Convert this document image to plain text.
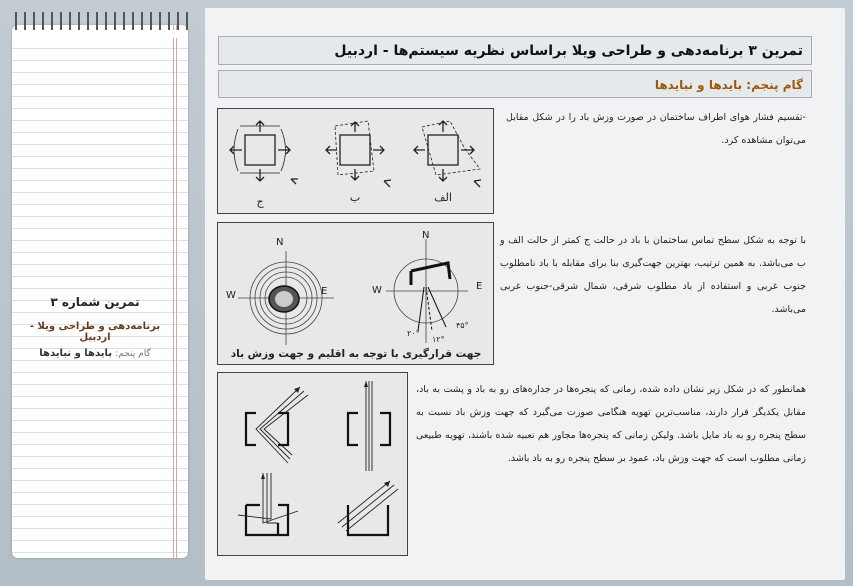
تمرین شماره ۳
برنامه‌دهی و طراحی ویلا - اردبیل
گام پنجم: بایدها و نبایدها
تمرین ۳ برنامه‌دهی و طراحی ویلا براساس نظریه سیستم‌ها - اردبیل
گام پنجم: بایدها و نبایدها
-تقسیم فشار هوای اطراف ساختمان در صورت وزش باد را در شکل مقابل می‌توان مشاهده کرد.
با توجه به شکل سطح تماس ساختمان با باد در حالت ج کمتر از حالت الف و ب می‌باشد. به همین ترتیب، بهترین جهت‌گیری بنا برای مقابله با باد نامطلوب جنوب غربی و استفاده از باد مطلوب شرقی، شمال شرقی-جنوب غربی می‌باشد.
همانطور که در شکل زیر نشان داده شده، زمانی که پنجره‌ها در جداره‌های رو به باد و پشت به باد، مقابل یکدیگر قرار دارند، مناسب‌ترین تهویه هنگامی صورت می‌گیرد که جهت وزش باد نسبت به سطح پنجره رو به باد مایل باشد. ولیکن زمانی که پنجره‌ها مجاور هم تعبیه شده باشند، تهویه طبیعی زمانی مطلوب است که جهت وزش باد، عمود بر سطح پنجره رو به باد باشد.
ج	ب	الف
N
W	E
N
W	E
۲۰°
۱۲°
۴۵°
جهت قرارگیری با توجه به اقلیم و جهت وزش باد
